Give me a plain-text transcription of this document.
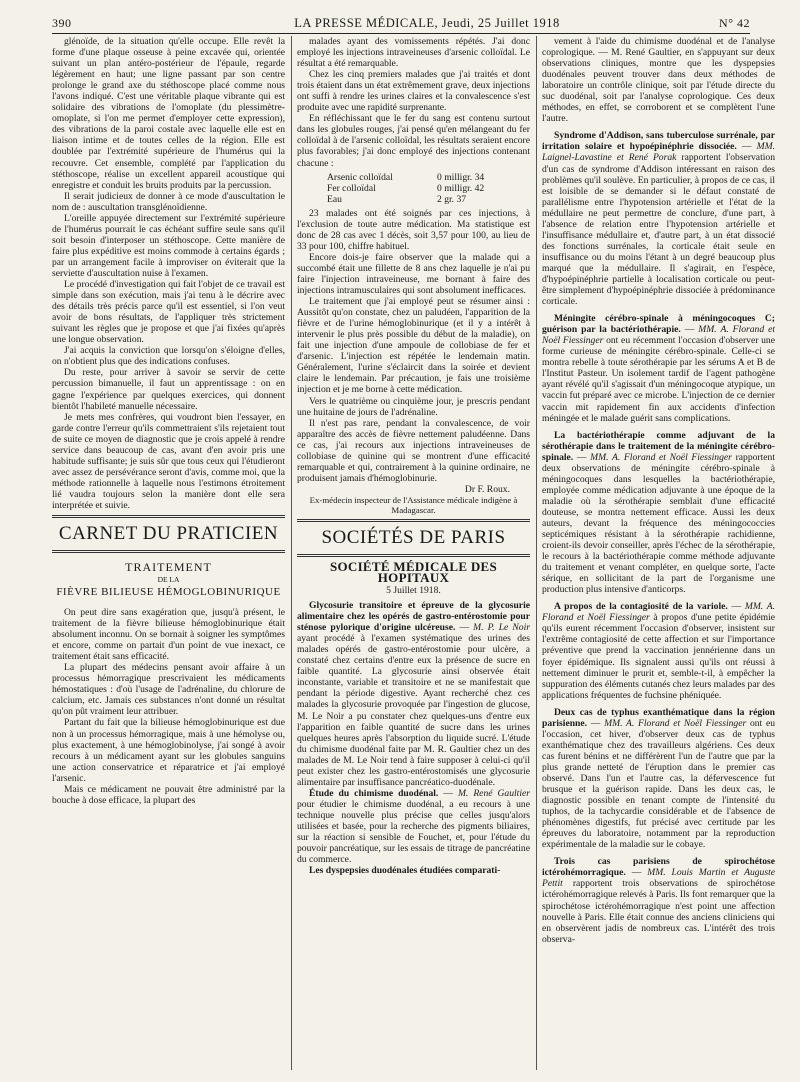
390	LA PRESSE MÉDICALE, Jeudi, 25 Juillet 1918	N° 42

glénoïde, de la situation qu'elle occupe. Elle revêt la forme d'une plaque osseuse à peine excavée qui, orientée suivant un plan antéro-postérieur de l'épaule, regarde légèrement en haut; une ligne passant par son centre prolonge le grand axe du stéthoscope placé comme nous l'avons indiqué. C'est une véritable plaque vibrante qui est solidaire des vibrations de l'omoplate (du plessimètre-omoplate, si l'on me permet d'employer cette expression), des vibrations de la paroi costale avec laquelle elle est en liaison intime et de toutes celles de la région. Elle est doublée par l'extrémité supérieure de l'humérus qui la recouvre. Cet ensemble, complété par l'application du stéthoscope, réalise un excellent appareil acoustique qui enregistre et conduit les bruits produits par la percussion.

Il serait judicieux de donner à ce mode d'auscultation le nom de : auscultation transglénoïdienne.

L'oreille appuyée directement sur l'extrémité supérieure de l'humérus pourrait le cas échéant suffire seule sans qu'il soit besoin d'interposer un stéthoscope. Cette manière de faire plus expéditive est moins commode à certains égards ; par un arrangement facile à improviser on éviterait que la serviette d'auscultation nuise à l'examen.

Le procédé d'investigation qui fait l'objet de ce travail est simple dans son exécution, mais j'ai tenu à le décrire avec des détails très précis parce qu'il est essentiel, si l'on veut avoir de bons résultats, de l'appliquer très strictement suivant les règles que je propose et que j'ai fixées qu'après une longue observation.

J'ai acquis la conviction que lorsqu'on s'éloigne d'elles, on n'obtient plus que des indications confuses.

Du reste, pour arriver à savoir se servir de cette percussion bimanuelle, il faut un apprentissage : on en gagne l'expérience par quelques exercices, qui donnent bientôt l'habileté manuelle nécessaire.

Je mets mes confrères, qui voudront bien l'essayer, en garde contre l'erreur qu'ils commettraient s'ils rejetaient tout de suite ce moyen de diagnostic que je crois appelé à rendre service dans beaucoup de cas, avant d'en avoir pris une habitude suffisante; je suis sûr que tous ceux qui l'étudieront avec assez de persévérance seront d'avis, comme moi, que la méthode rationnelle à laquelle nous l'estimons étroitement lié vaudra toujours selon la manière dont elle sera interprétée et suivie.

CARNET DU PRATICIEN
TRAITEMENT
DE LA
FIÈVRE BILIEUSE HÉMOGLOBINURIQUE

On peut dire sans exagération que, jusqu'à présent, le traitement de la fièvre bilieuse hémoglobinurique était absolument inconnu. On se bornait à soigner les symptômes et encore, comme on partait d'un point de vue inexact, ce traitement était sans efficacité.

La plupart des médecins pensant avoir affaire à un processus hémorragique prescrivaient les médicaments hémostatiques : d'où l'usage de l'adrénaline, du chlorure de calcium, etc. Jamais ces substances n'ont donné un résultat qu'on pût vraiment leur attribuer.

Partant du fait que la bilieuse hémoglobinurique est due non à un processus hémorragique, mais à une hémolyse ou, plus exactement, à une hémoglobinolyse, j'ai songé à avoir recours à un médicament ayant sur les globules sanguins une action conservatrice et réparatrice et j'ai employé l'arsenic.

Mais ce médicament ne pouvait être administré par la bouche à dose efficace, la plupart des

malades ayant des vomissements répétés. J'ai donc employé les injections intraveineuses d'arsenic colloïdal. Le résultat a été remarquable.

Chez les cinq premiers malades que j'ai traités et dont trois étaient dans un état extrêmement grave, deux injections ont suffi à rendre les urines claires et la convalescence s'est produite avec une rapidité surprenante.

En réfléchissant que le fer du sang est contenu surtout dans les globules rouges, j'ai pensé qu'en mélangeant du fer colloïdal à de l'arsenic colloïdal, les résultats seraient encore plus favorables; j'ai donc employé des injections contenant chacune :

Arsenic colloïdal	0 milligr. 34
Fer colloïdal	0 milligr. 42
Eau	2 gr. 37

23 malades ont été soignés par ces injections, à l'exclusion de toute autre médication. Ma statistique est donc de 28 cas avec 1 décès, soit 3,57 pour 100, au lieu de 33 pour 100, chiffre habituel.

Encore dois-je faire observer que la malade qui a succombé était une fillette de 8 ans chez laquelle je n'ai pu faire l'injection intraveineuse, me bornant à faire des injections intramusculaires qui sont absolument inefficaces.

Le traitement que j'ai employé peut se résumer ainsi : Aussitôt qu'on constate, chez un paludéen, l'apparition de la fièvre et de l'urine hémoglobinurique (et il y a intérêt à intervenir le plus près possible du début de la maladie), on fait une injection d'une ampoule de collobiase de fer et d'arsenic. L'injection est répétée le lendemain matin. Généralement, l'urine s'éclaircit dans la soirée et devient claire le lendemain. Par précaution, je fais une troisième injection et je me borne à cette médication.

Vers le quatrième ou cinquième jour, je prescris pendant une huitaine de jours de l'adrénaline.

Il n'est pas rare, pendant la convalescence, de voir apparaître des accès de fièvre nettement paludéenne. Dans ce cas, j'ai recours aux injections intraveineuses de collobiase de quinine qui se montrent d'une efficacité remarquable et qui, contrairement à la quinine ordinaire, ne produisent jamais d'hémoglobinurie.

Dr F. Roux.

Ex-médecin inspecteur de l'Assistance médicale indigène à Madagascar.
SOCIÉTÉS DE PARIS
SOCIÉTÉ MÉDICALE DES HOPITAUX
5 Juillet 1918.

Glycosurie transitoire et épreuve de la glycosurie alimentaire chez les opérés de gastro-entérostomie pour sténose pylorique d'origine ulcéreuse. — M. P. Le Noir ayant procédé à l'examen systématique des urines des malades opérés de gastro-entérostomie pour ulcère, a constaté chez certains d'entre eux la présence de sucre en faible quantité. La glycosurie ainsi observée était inconstante, variable et transitoire et ne se manifestait que pendant la période digestive. Ayant recherché chez ces malades la glycosurie provoquée par l'ingestion de glucose, M. Le Noir a pu constater chez quelques-uns d'entre eux l'apparition en faible quantité de sucre dans les urines quelques heures après l'absorption du liquide sucré. L'étude du chimisme duodénal faite par M. R. Gaultier chez un des malades de M. Le Noir tend à faire supposer à celui-ci qu'il peut exister chez les gastro-entérostomisés une glycosurie alimentaire par insuffisance pancréatico-duodénale.

Étude du chimisme duodénal. — M. René Gaultier pour étudier le chimisme duodénal, a eu recours à une technique nouvelle plus précise que celles jusqu'alors utilisées et basée, pour la recherche des pigments biliaires, sur la réaction si sensible de Fouchet, et, pour l'étude du pouvoir pancréatique, sur les essais de titrage de pancréatine du commerce.

Les dyspepsies duodénales étudiées comparati-

vement à l'aide du chimisme duodénal et de l'analyse coprologique. — M. René Gaultier, en s'appuyant sur deux observations cliniques, montre que les dyspepsies duodénales peuvent trouver dans deux méthodes de laboratoire un contrôle clinique, soit par l'étude directe du suc duodénal, soit par l'analyse coprologique. Ces deux méthodes, en effet, se corroborent et se complètent l'une l'autre.

Syndrome d'Addison, sans tuberculose surrénale, par irritation solaire et hypoépinéphrie dissociée. — MM. Laignel-Lavastine et René Porak rapportent l'observation d'un cas de syndrome d'Addison intéressant en raison des problèmes qu'il soulève. En particulier, à propos de ce cas, il est loisible de se demander si le défaut constaté de parallélisme entre l'hypotension artérielle et l'état de la médullaire ne peut permettre de conclure, d'une part, à l'absence de relation entre l'hypotension artérielle et l'insuffisance médullaire et, d'autre part, à un état dissocié des fonctions surrénales, la corticale était seule en insuffisance ou du moins l'étant à un degré beaucoup plus marqué que la médullaire. Il s'agirait, en l'espèce, d'hypoépinéphrie partielle à localisation corticale ou peut-être simplement d'hypoépinéphrie dissociée à prédominance corticale.

Méningite cérébro-spinale à méningocoques C; guérison par la bactériothérapie. — MM. A. Florand et Noël Fiessinger ont eu récemment l'occasion d'observer une forme curieuse de méningite cérébro-spinale. Celle-ci se montra rebelle à toute sérothérapie par les sérums A et B de l'Institut Pasteur. Un isolement tardif de l'agent pathogène ayant révélé qu'il s'agissait d'un méningocoque atypique, un vaccin fut préparé avec ce microbe. L'injection de ce dernier vaccin mit rapidement fin aux accidents d'infection méningée et le malade guérit sans complications.

La bactériothérapie comme adjuvant de la sérothérapie dans le traitement de la méningite cérébro-spinale. — MM. A. Florand et Noël Fiessinger rapportent deux observations de méningite cérébro-spinale à méningocoques dans lesquelles la bactériothérapie, employée comme médication adjuvante à une époque de la maladie où la sérothérapie semblait d'une efficacité douteuse, se montra nettement efficace. Aussi les deux auteurs, devant la fréquence des méningococcies septicémiques résistant à la sérothérapie rachidienne, croient-ils devoir conseiller, après l'échec de la sérothérapie, le recours à la bactériothérapie comme méthode adjuvante du traitement et venant compléter, en quelque sorte, l'acte sérique, en sollicitant de la part de l'organisme une production plus intensive d'anticorps.

A propos de la contagiosité de la variole. — MM. A. Florand et Noël Fiessinger à propos d'une petite épidémie qu'ils eurent récemment l'occasion d'observer, insistent sur l'extrême contagiosité de cette affection et sur l'importance préventive que prend la vaccination jennérienne dans un foyer épidémique. Ils signalent aussi qu'ils ont réussi à nettement diminuer le prurit et, semble-t-il, à empêcher la suppuration des éléments cutanés chez leurs malades par des applications fréquentes de fuchsine phéniquée.

Deux cas de typhus exanthématique dans la région parisienne. — MM. A. Florand et Noël Fiessinger ont eu l'occasion, cet hiver, d'observer deux cas de typhus exanthématique chez des travailleurs algériens. Ces deux cas furent bénins et ne différèrent l'un de l'autre que par la plus grande netteté de l'éruption dans le premier cas observé. Dans l'un et l'autre cas, la défervescence fut brusque et la guérison rapide. Dans les deux cas, le diagnostic possible en tenant compte de l'intensité du tuphos, de la tachycardie considérable et de l'absence de phénomènes digestifs, fut précisé avec certitude par les épreuves du laboratoire, notamment par la reproduction expérimentale de la maladie sur le cobaye.

Trois cas parisiens de spirochétose ictérohémorragique. — MM. Louis Martin et Auguste Pettit rapportent trois observations de spirochétose ictérohémorragique relevés à Paris. Ils font remarquer que la spirochétose ictérohémorragique n'est point une affection nouvelle à Paris. Elle était connue des anciens cliniciens qui en observèrent jadis de nombreux cas. L'intérêt des trois observa-
